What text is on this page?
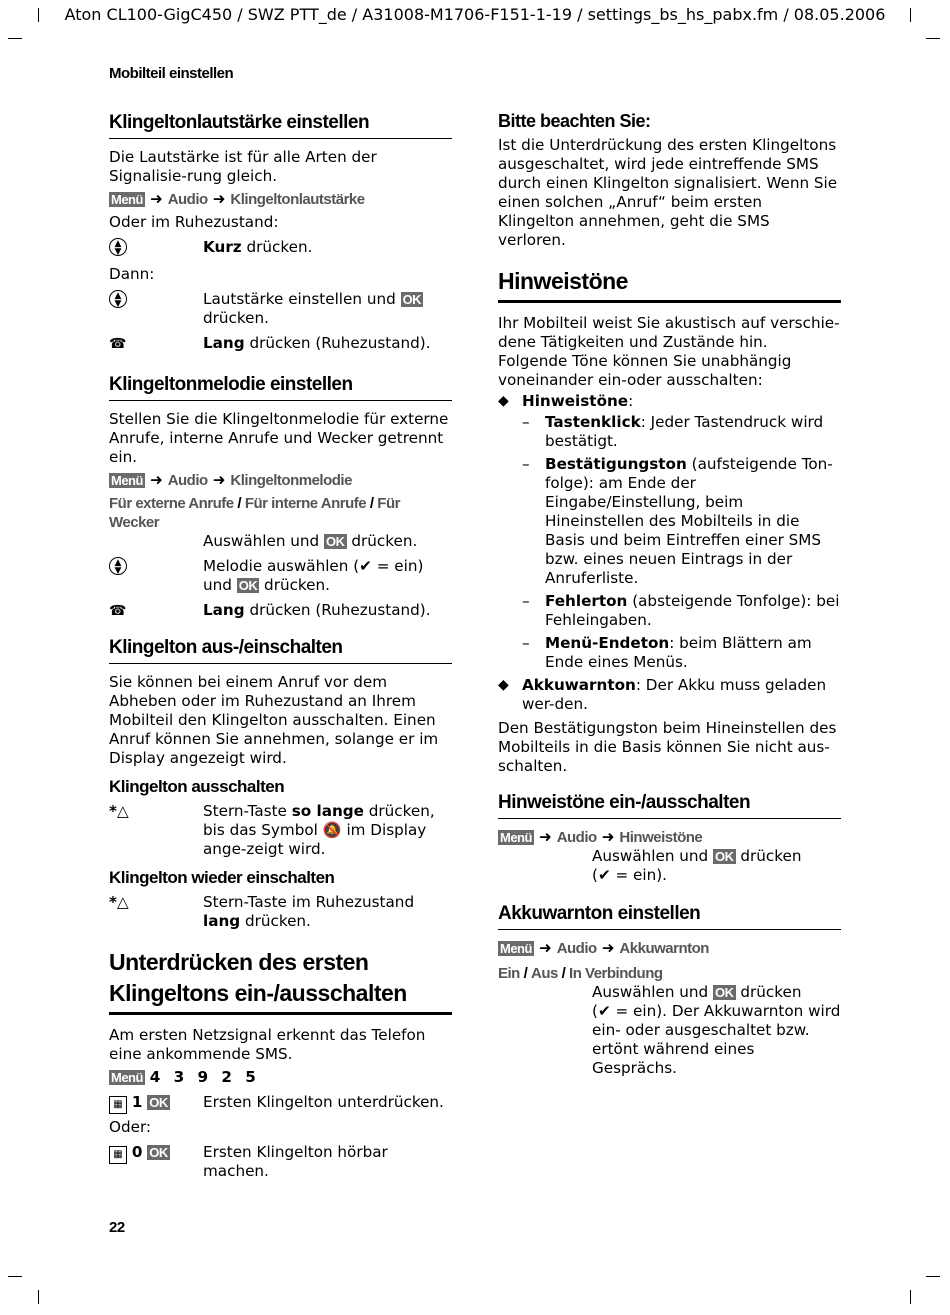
Aton CL100-GigC450 / SWZ PTT_de / A31008-M1706-F151-1-19 / settings_bs_hs_pabx.fm / 08.05.2006
Mobilteil einstellen
Klingeltonlautstärke einstellen

Die Lautstärke ist für alle Arten der Signalisie-rung gleich.

Menü ➜ Audio ➜ Klingeltonlautstärke

Oder im Ruhezustand:

▲
▼	Kurz drücken.

Dann:

▲
▼	Lautstärke einstellen und OK drücken.
☎	Lang drücken (Ruhezustand).
Klingeltonmelodie einstellen

Stellen Sie die Klingeltonmelodie für externe Anrufe, interne Anrufe und Wecker getrennt ein.

Menü ➜ Audio ➜ Klingeltonmelodie

Für externe Anrufe / Für interne Anrufe / Für Wecker

Auswählen und OK drücken.

▲
▼	Melodie auswählen (✔ = ein) und OK drücken.
☎	Lang drücken (Ruhezustand).
Klingelton aus-/einschalten

Sie können bei einem Anruf vor dem Abheben oder im Ruhezustand an Ihrem Mobilteil den Klingelton ausschalten. Einen Anruf können Sie annehmen, solange er im Display angezeigt wird.

Klingelton ausschalten
*△	Stern-Taste so lange drücken, bis das Symbol 🔕 im Display ange-zeigt wird.
Klingelton wieder einschalten
*△	Stern-Taste im Ruhezustand lang drücken.
Unterdrücken des ersten
Klingeltons ein-/ausschalten

Am ersten Netzsignal erkennt das Telefon eine ankommende SMS.

Menü 4 3 9 2 5

▦ 1 OK	Ersten Klingelton unterdrücken.

Oder:

▦ 0 OK	Ersten Klingelton hörbar machen.
Bitte beachten Sie:

Ist die Unterdrückung des ersten Klingeltons ausgeschaltet, wird jede eintreffende SMS durch einen Klingelton signalisiert. Wenn Sie einen solchen „Anruf“ beim ersten Klingelton annehmen, geht die SMS verloren.

Hinweistöne

Ihr Mobilteil weist Sie akustisch auf verschie-dene Tätigkeiten und Zustände hin. Folgende Töne können Sie unabhängig voneinander ein-oder ausschalten:

◆ Hinweistöne:
– Tastenklick: Jeder Tastendruck wird bestätigt.
– Bestätigungston (aufsteigende Ton-folge): am Ende der Eingabe/Einstellung, beim Hineinstellen des Mobilteils in die Basis und beim Eintreffen einer SMS bzw. eines neuen Eintrags in der Anruferliste.
– Fehlerton (absteigende Tonfolge): bei Fehleingaben.
– Menü-Endeton: beim Blättern am Ende eines Menüs.
◆ Akkuwarnton: Der Akku muss geladen wer-den.

Den Bestätigungston beim Hineinstellen des Mobilteils in die Basis können Sie nicht aus-schalten.

Hinweistöne ein-/ausschalten

Menü ➜ Audio ➜ Hinweistöne

Auswählen und OK drücken
(✔ = ein).

Akkuwarnton einstellen

Menü ➜ Audio ➜ Akkuwarnton

Ein / Aus / In Verbindung

Auswählen und OK drücken
(✔ = ein). Der Akkuwarnton wird ein- oder ausgeschaltet bzw. ertönt während eines Gesprächs.

22
